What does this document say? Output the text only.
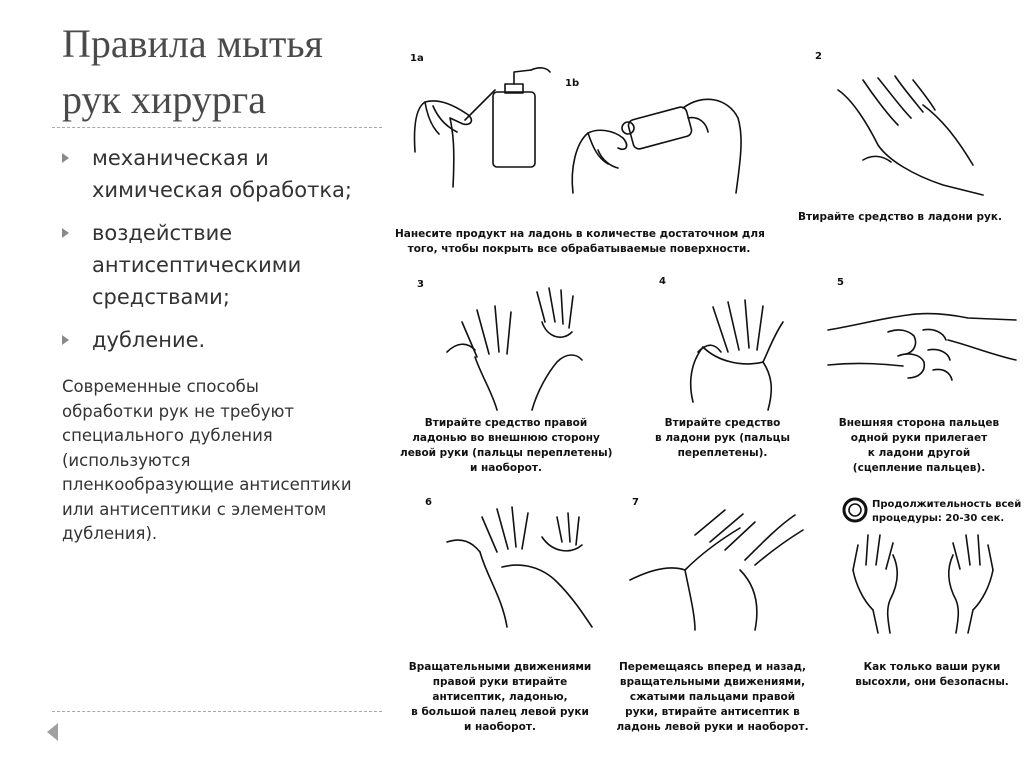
Правила мытья
рук хирурга
механическая и
химическая обработка;
воздействие
антисептическими
средствами;
дубление.
Современные способы
обработки рук не требуют
специального дубления
(используются
пленкообразующие антисептики
или антисептики с элементом
дубления).
1a
1b
Нанесите продукт на ладонь в количестве достаточном для
того, чтобы покрыть все обрабатываемые поверхности.
2
Втирайте средство в ладони рук.
3
Втирайте средство правой
ладонью во внешнюю сторону
левой руки (пальцы переплетены)
и наоборот.
4
Втирайте средство
в ладони рук (пальцы
переплетены).
5
Внешняя сторона пальцев
одной руки прилегает
к ладони другой
(сцепление пальцев).
6
Вращательными движениями
правой руки втирайте
антисептик, ладонью,
в большой палец левой руки
и наоборот.
7
Перемещаясь вперед и назад,
вращательными движениями,
сжатыми пальцами правой
руки, втирайте антисептик в
ладонь левой руки и наоборот.
Продолжительность всей
процедуры: 20-30 сек.
Как только ваши руки
высохли, они безопасны.
